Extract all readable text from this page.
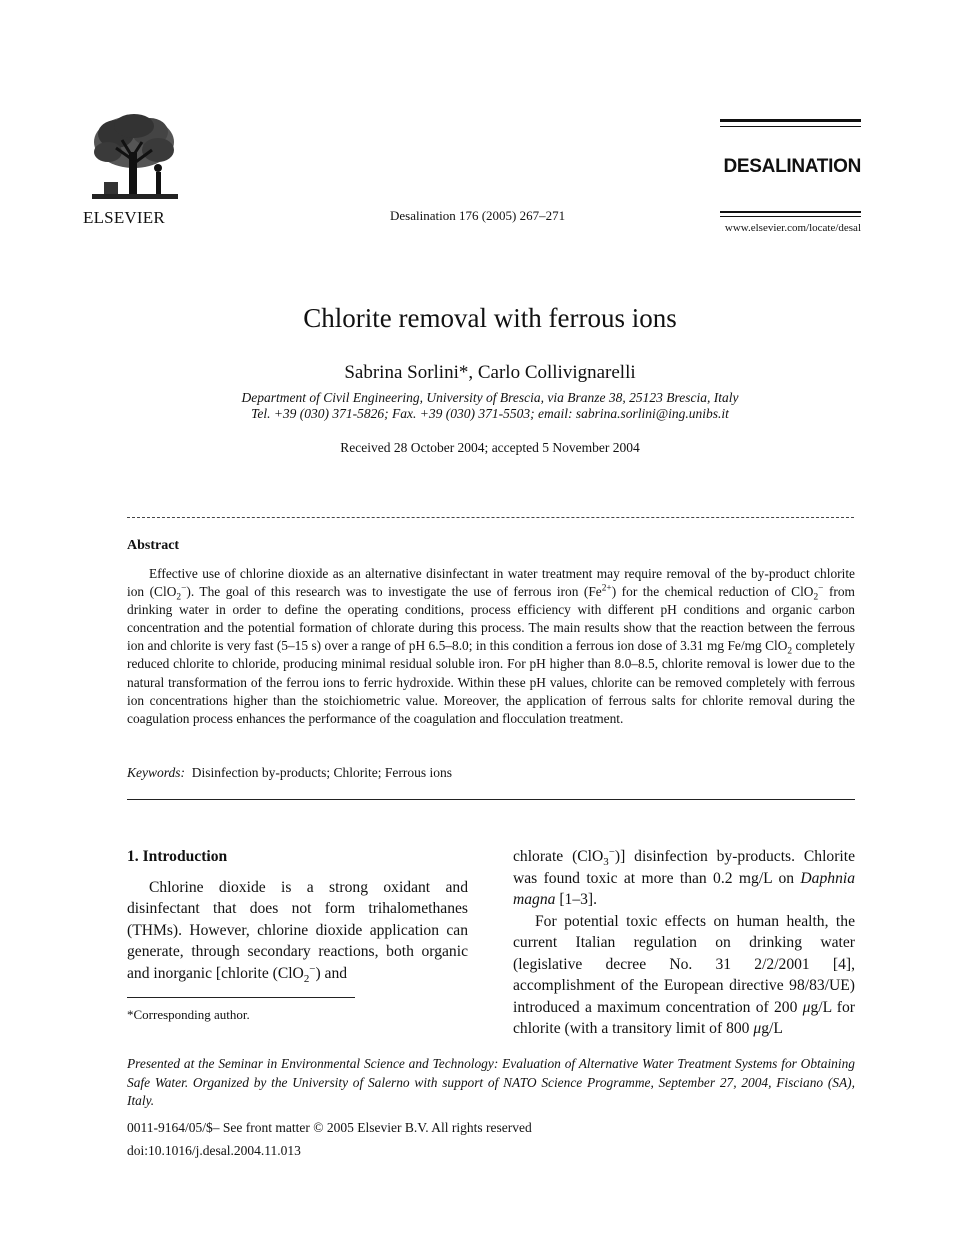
ELSEVIER	Desalination 176 (2005) 267–271
DESALINATION
www.elsevier.com/locate/desal
Chlorite removal with ferrous ions
Sabrina Sorlini*, Carlo Collivignarelli
Department of Civil Engineering, University of Brescia, via Branze 38, 25123 Brescia, Italy
Tel. +39 (030) 371-5826; Fax. +39 (030) 371-5503; email: sabrina.sorlini@ing.unibs.it
Received 28 October 2004; accepted 5 November 2004
Abstract
Effective use of chlorine dioxide as an alternative disinfectant in water treatment may require removal of the by-product chlorite ion (ClO$_2$−). The goal of this research was to investigate the use of ferrous iron $(Fe^{2+})$ for the chemical reduction of ClO$_2$− from drinking water in order to define the operating conditions, process efficiency with different pH conditions and organic carbon concentration and the potential formation of chlorate during this process. The main results show that the reaction between the ferrous ion and chlorite is very fast (5–15 s) over a range of pH 6.5–8.0; in this condition a ferrous ion dose of 3.31 mg Fe/mg ClO$_2$ completely reduced chlorite to chloride, producing minimal residual soluble iron. For pH higher than 8.0–8.5, chlorite removal is lower due to the natural transformation of the ferrou ions to ferric hydroxide. Within these pH values, chlorite can be removed completely with ferrous ion concentrations higher than the stoichiometric value. Moreover, the application of ferrous salts for chlorite removal during the coagulation process enhances the performance of the coagulation and flocculation treatment.
Keywords: Disinfection by-products; Chlorite; Ferrous ions
1. Introduction

Chlorine dioxide is a strong oxidant and disinfectant that does not form trihalomethanes (THMs). However, chlorine dioxide application can generate, through secondary reactions, both organic and inorganic [chlorite (ClO$_2$−) and

chlorate (ClO$_3$−)] disinfection by-products. Chlorite was found toxic at more than 0.2 mg/L on Daphnia magna [1–3].

For potential toxic effects on human health, the current Italian regulation on drinking water (legislative decree No. 31 2/2/2001 [4], accomplishment of the European directive 98/83/UE) introduced a maximum concentration of 200 μg/L for chlorite (with a transitory limit of 800 μg/L

*Corresponding author.
Presented at the Seminar in Environmental Science and Technology: Evaluation of Alternative Water Treatment Systems for Obtaining Safe Water. Organized by the University of Salerno with support of NATO Science Programme, September 27, 2004, Fisciano (SA), Italy.
0011-9164/05/$– See front matter © 2005 Elsevier B.V. All rights reserved
doi:10.1016/j.desal.2004.11.013
